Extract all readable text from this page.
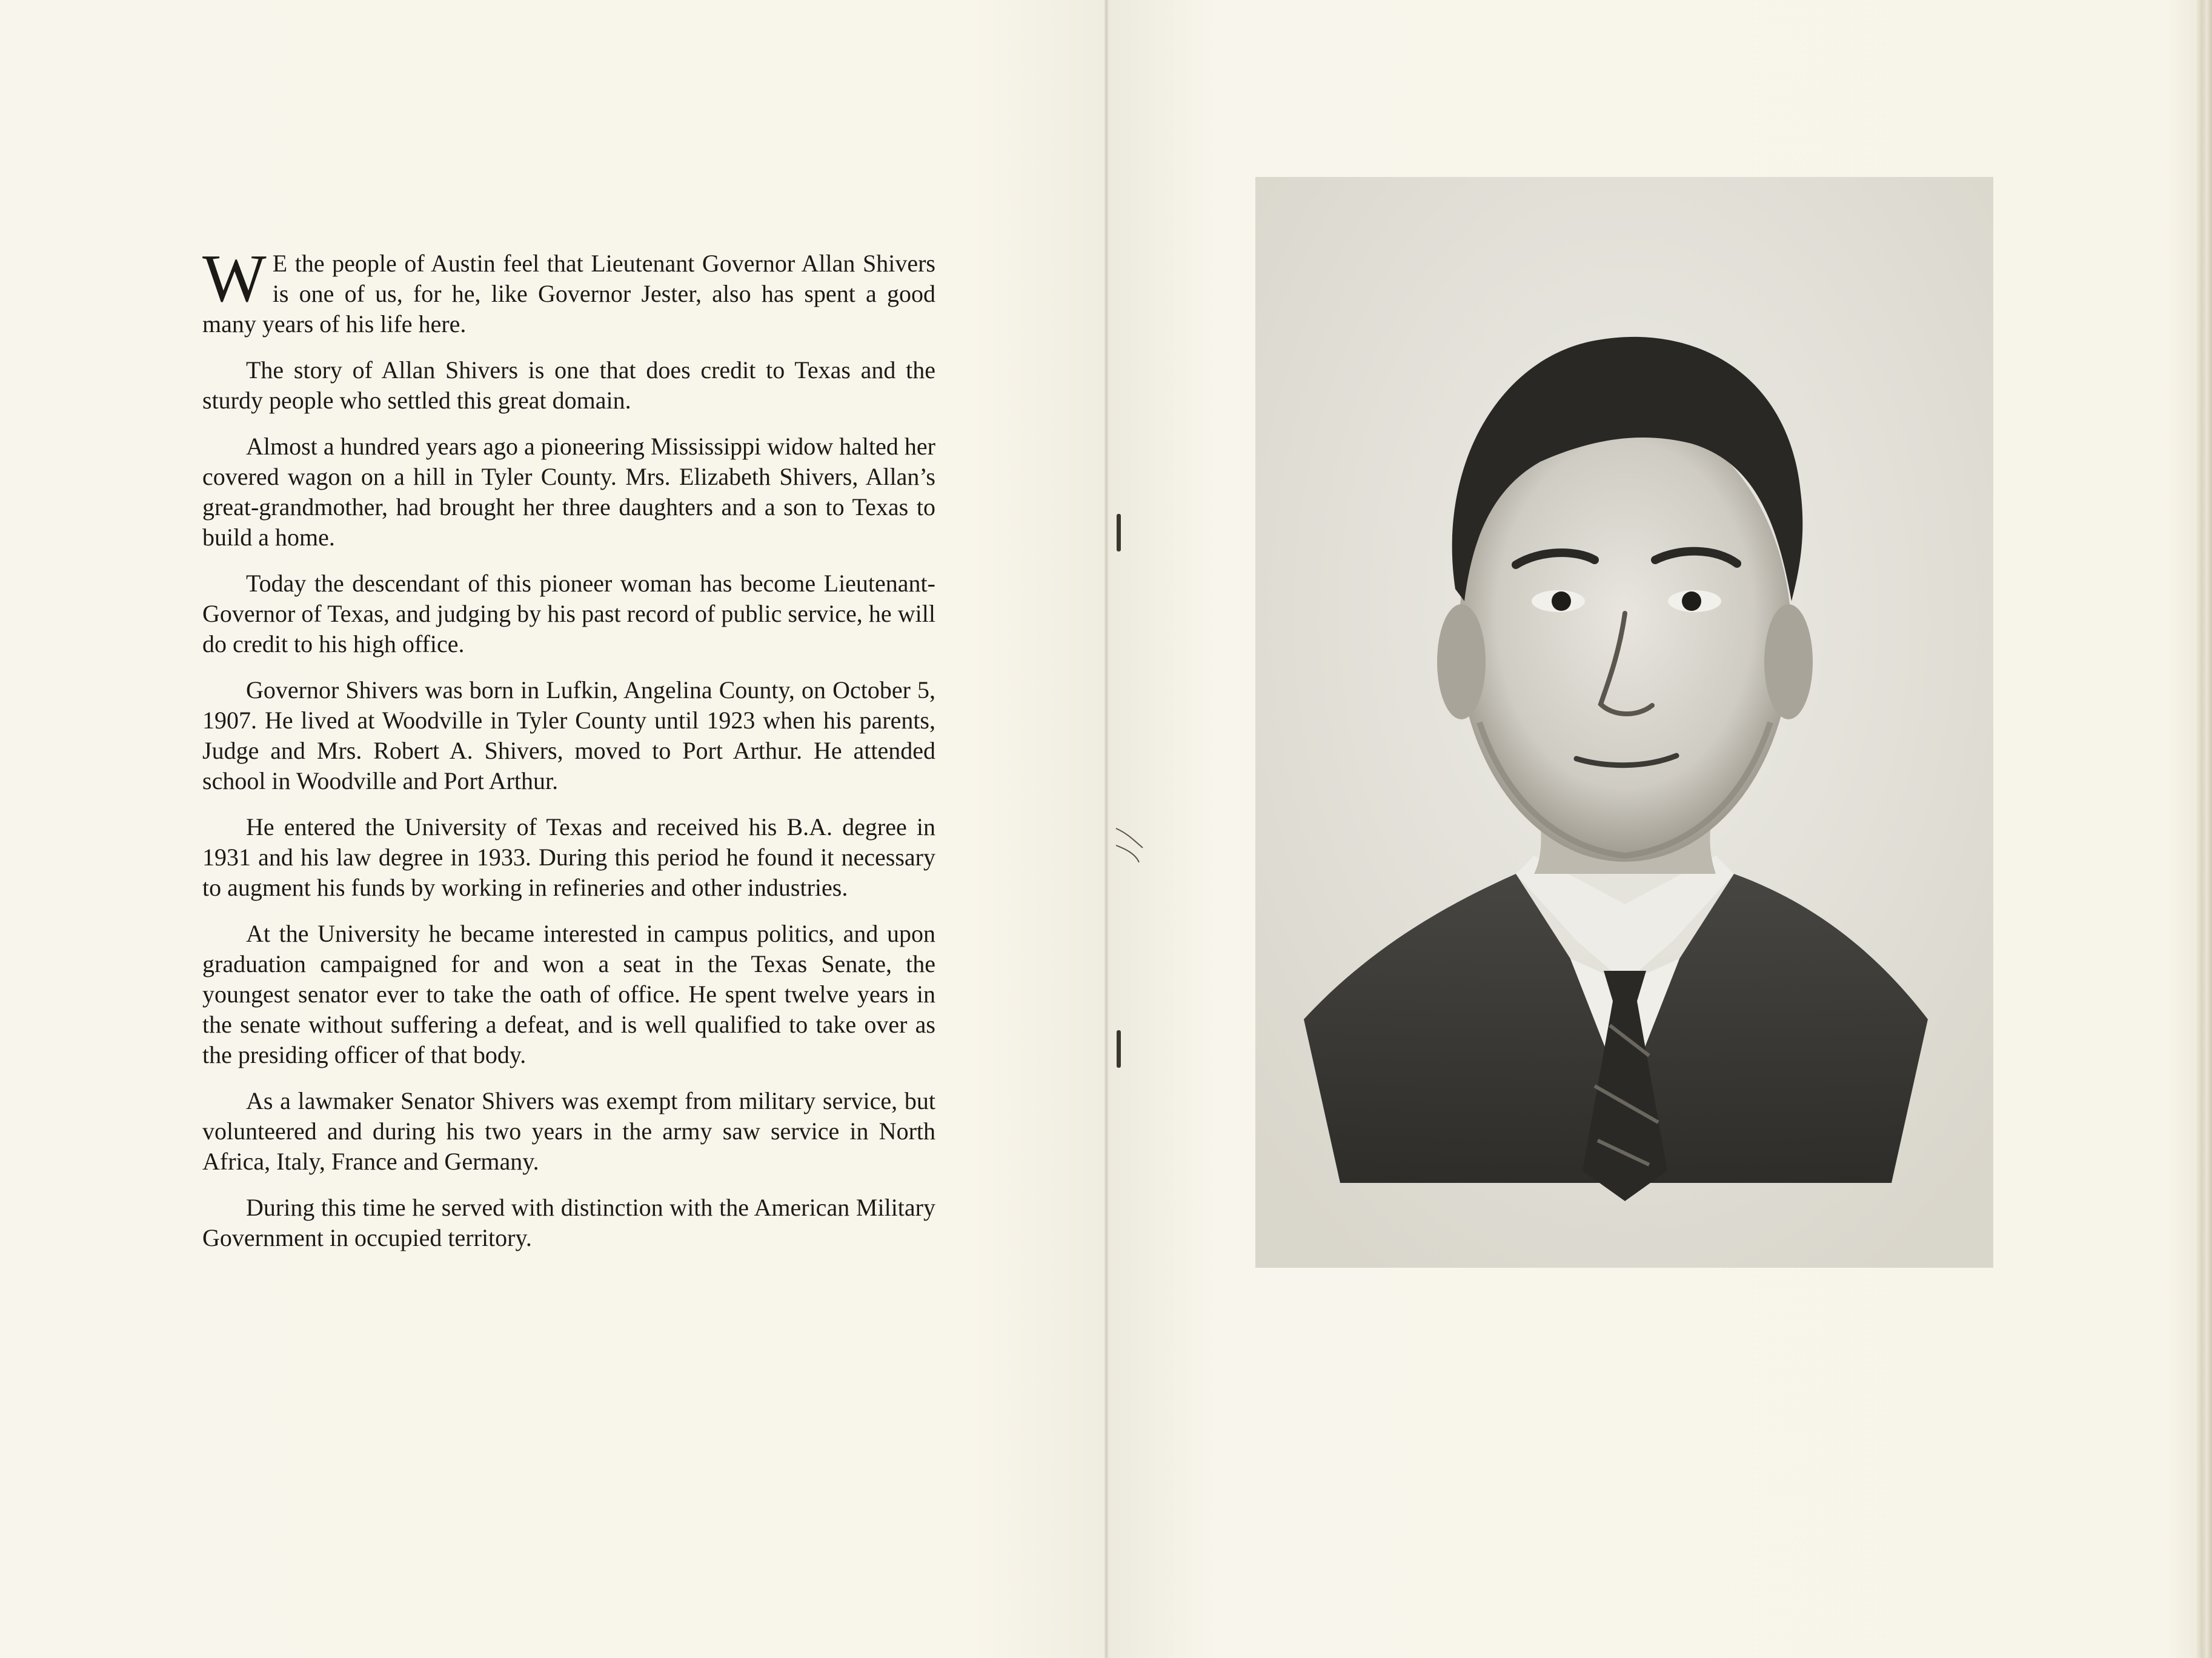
W E the people of Austin feel that Lieutenant Governor Allan Shivers is one of us, for he, like Governor Jester, also has spent a good many years of his life here.

The story of Allan Shivers is one that does credit to Texas and the sturdy people who settled this great domain.

Almost a hundred years ago a pioneering Mississippi widow halted her covered wagon on a hill in Tyler County. Mrs. Elizabeth Shivers, Allan’s great-grandmother, had brought her three daughters and a son to Texas to build a home.

Today the descendant of this pioneer woman has become Lieutenant-Governor of Texas, and judging by his past record of public service, he will do credit to his high office.

Governor Shivers was born in Lufkin, Angelina County, on October 5, 1907. He lived at Woodville in Tyler County until 1923 when his parents, Judge and Mrs. Robert A. Shivers, moved to Port Arthur. He attended school in Woodville and Port Arthur.

He entered the University of Texas and received his B.A. degree in 1931 and his law degree in 1933. During this period he found it necessary to augment his funds by working in refineries and other industries.

At the University he became interested in campus politics, and upon graduation campaigned for and won a seat in the Texas Senate, the youngest senator ever to take the oath of office. He spent twelve years in the senate without suffering a defeat, and is well qualified to take over as the presiding officer of that body.

As a lawmaker Senator Shivers was exempt from military service, but volunteered and during his two years in the army saw service in North Africa, Italy, France and Germany.

During this time he served with distinction with the American Military Government in occupied territory.
